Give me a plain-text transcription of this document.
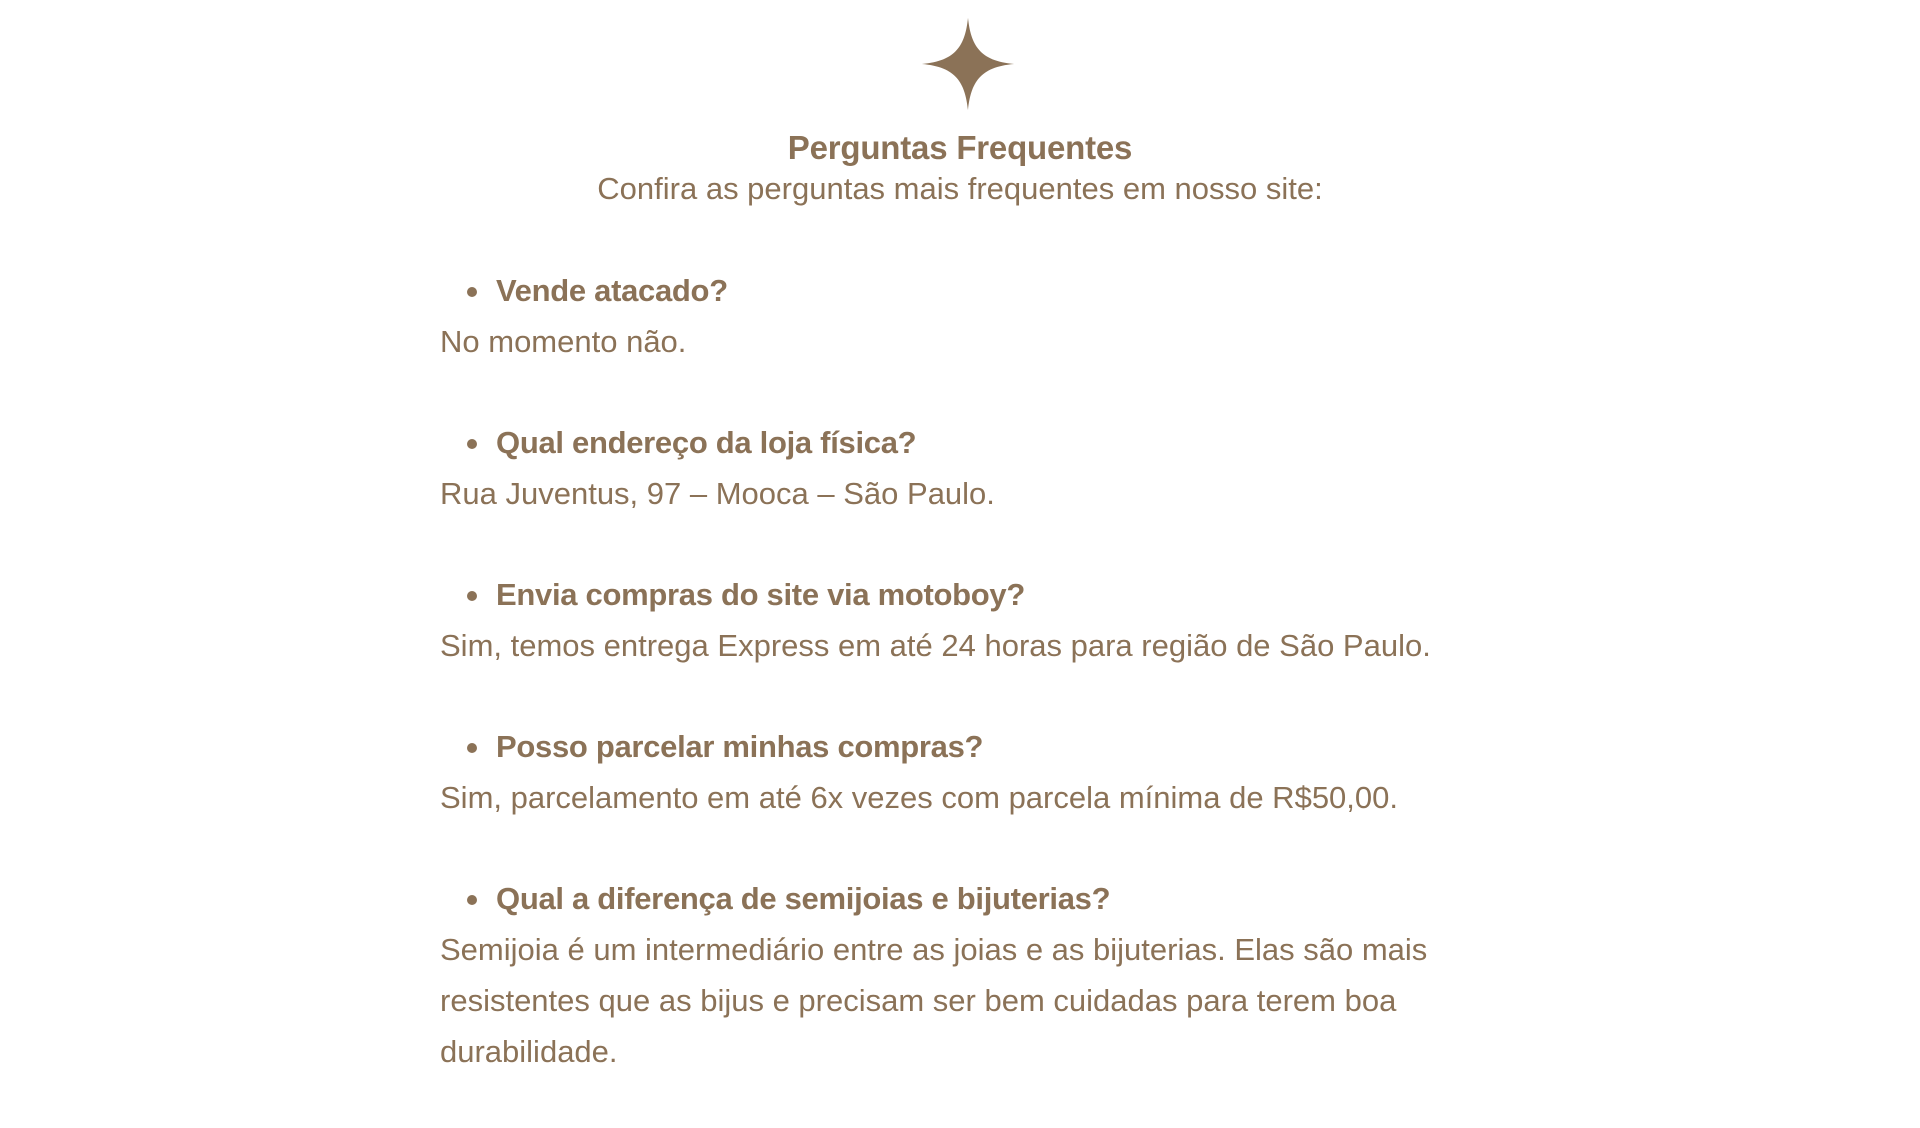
Perguntas Frequentes
Confira as perguntas mais frequentes em nosso site:
Vende atacado?
No momento não.
Qual endereço da loja física?
Rua Juventus, 97 – Mooca – São Paulo.
Envia compras do site via motoboy?
Sim, temos entrega Express em até 24 horas para região de São Paulo.
Posso parcelar minhas compras?
Sim, parcelamento em até 6x vezes com parcela mínima de R$50,00.
Qual a diferença de semijoias e bijuterias?
Semijoia é um intermediário entre as joias e as bijuterias. Elas são mais resistentes que as bijus e precisam ser bem cuidadas para terem boa durabilidade.
